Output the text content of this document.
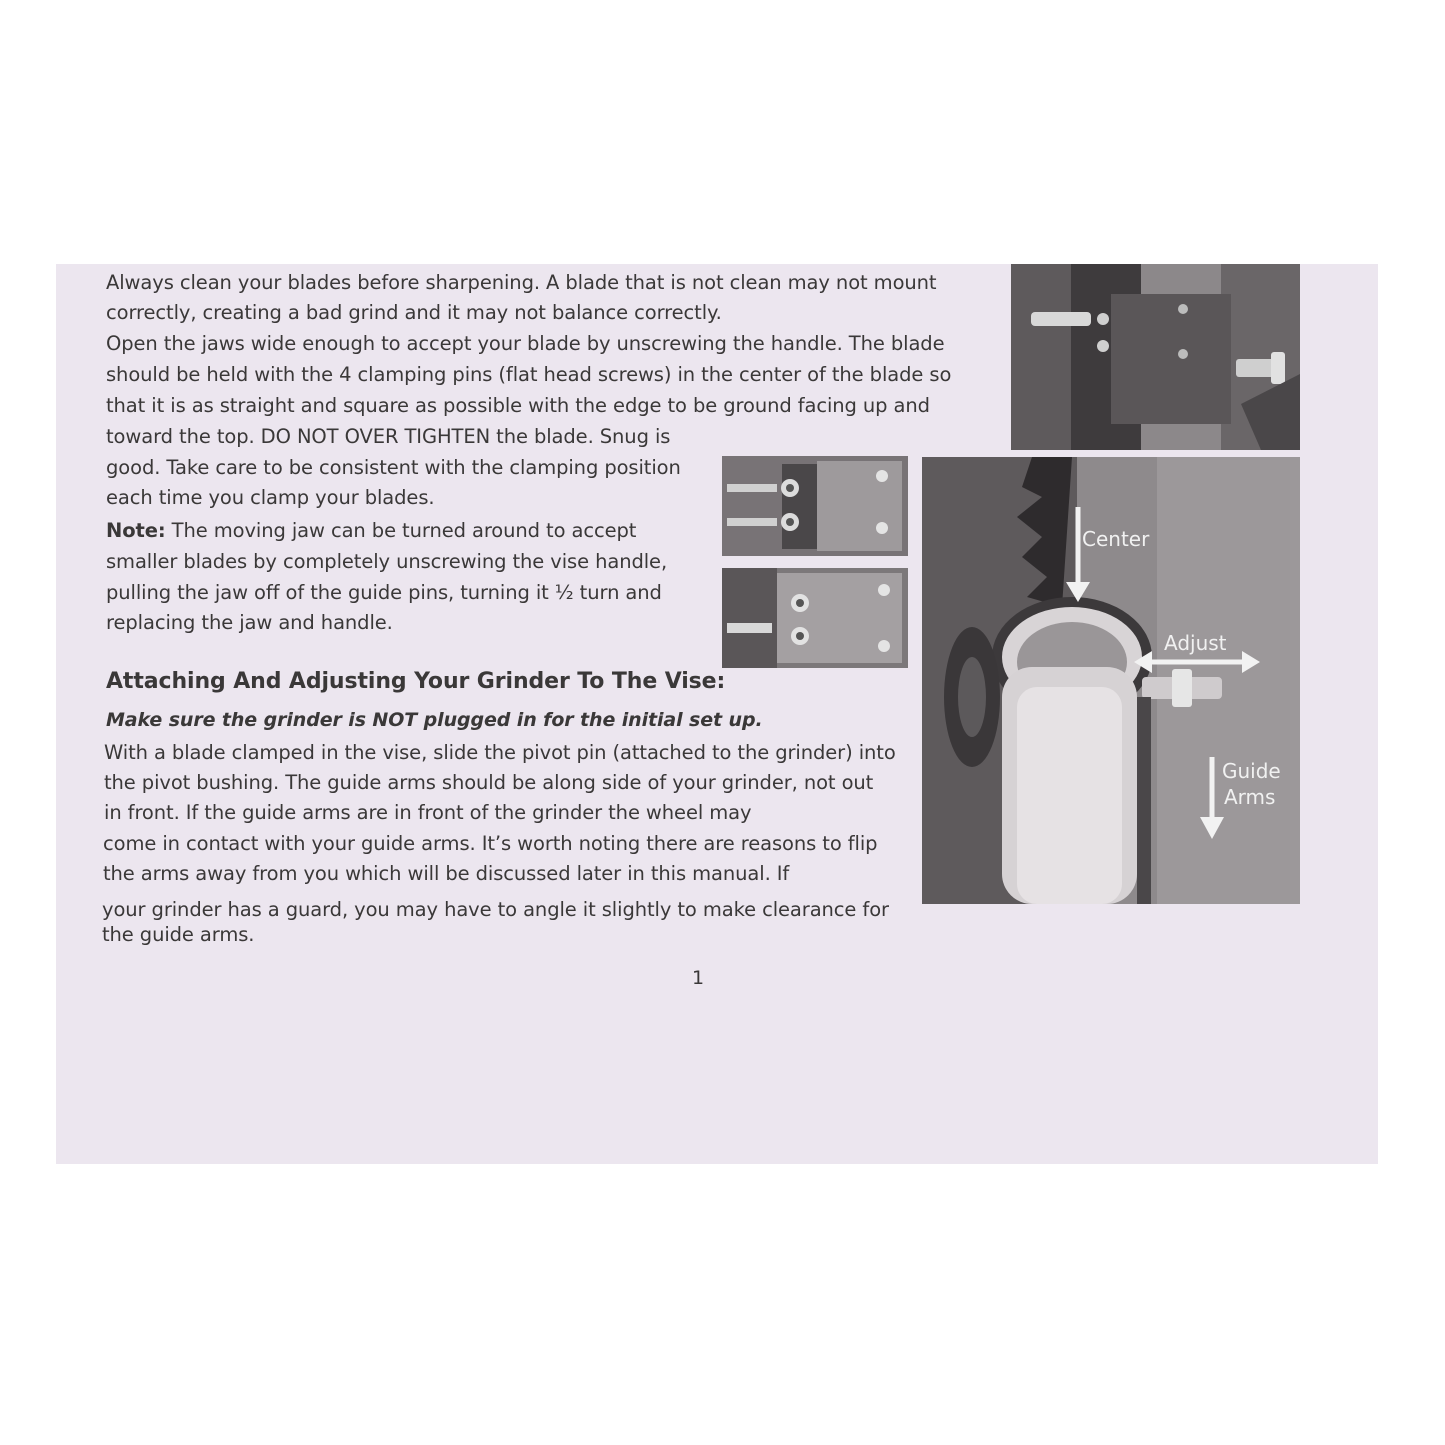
Always clean your blades before sharpening. A blade that is not clean may not mount
correctly, creating a bad grind and it may not balance correctly.
Open the jaws wide enough to accept your blade by unscrewing the handle. The blade
should be held with the 4 clamping pins (flat head screws) in the center of the blade so
that it is as straight and square as possible with the edge to be ground facing up and
toward the top. DO NOT OVER TIGHTEN the blade. Snug is
good. Take care to be consistent with the clamping position
each time you clamp your blades.
Note: The moving jaw can be turned around to accept
smaller blades by completely unscrewing the vise handle,
pulling the jaw off of the guide pins, turning it ½ turn and
replacing the jaw and handle.
Attaching And Adjusting Your Grinder To The Vise:
Make sure the grinder is NOT plugged in for the initial set up.
With a blade clamped in the vise, slide the pivot pin (attached to the grinder) into
the pivot bushing. The guide arms should be along side of your grinder, not out
in front. If the guide arms are in front of the grinder the wheel may
come in contact with your guide arms. It’s worth noting there are reasons to flip
the arms away from you which will be discussed later in this manual. If
your grinder has a guard, you may have to angle it slightly to make clearance for
the guide arms.
1
Center
Adjust
Guide
Arms
